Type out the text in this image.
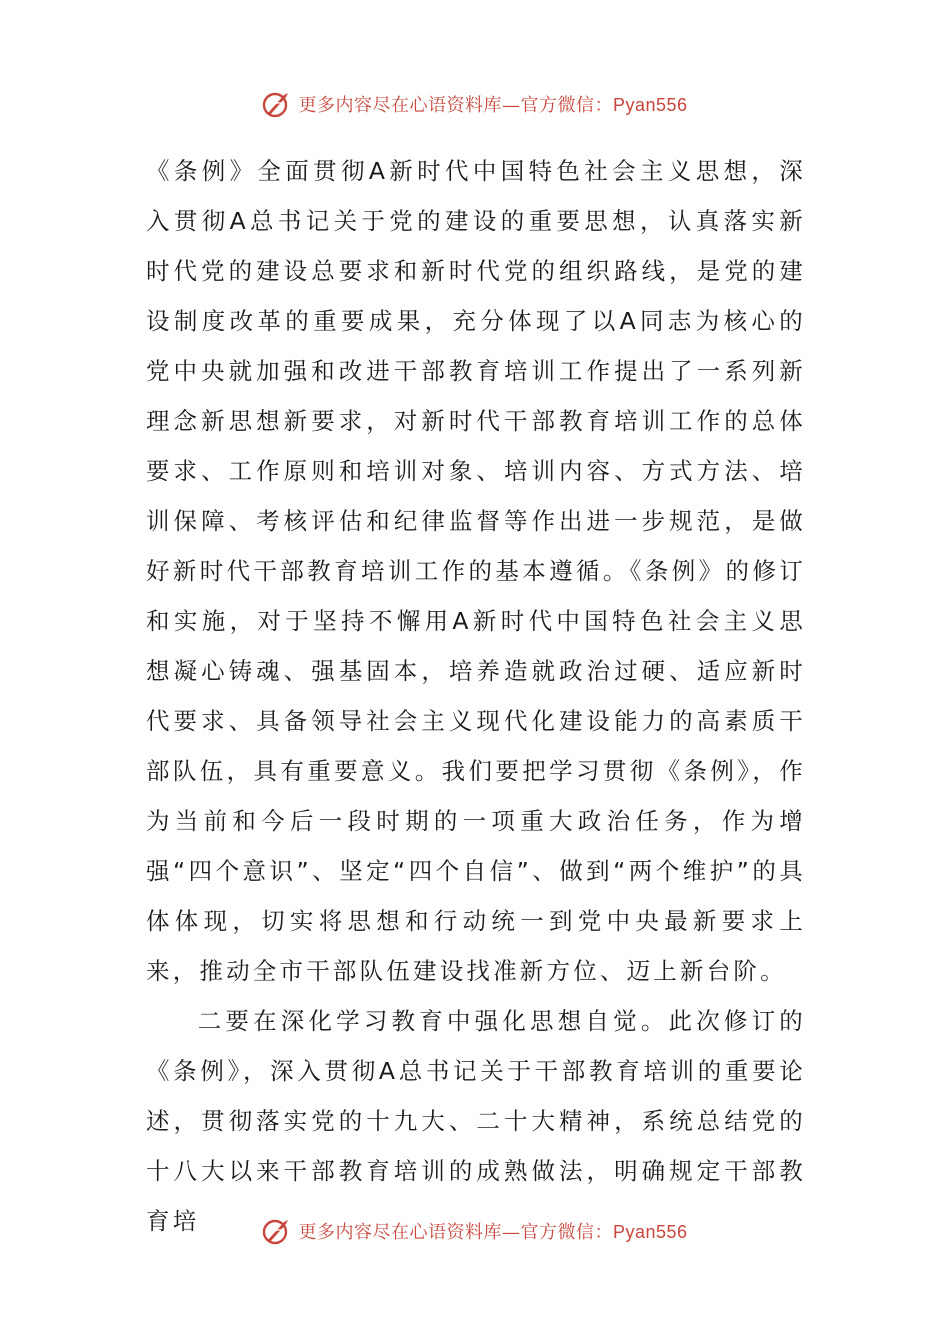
更多内容尽在心语资料库—官方微信：Pyan556

《条例》全面贯彻A新时代中国特色社会主义思想，深入贯彻A总书记关于党的建设的重要思想，认真落实新时代党的建设总要求和新时代党的组织路线，是党的建设制度改革的重要成果，充分体现了以A同志为核心的党中央就加强和改进干部教育培训工作提出了一系列新理念新思想新要求，对新时代干部教育培训工作的总体要求、工作原则和培训对象、培训内容、方式方法、培训保障、考核评估和纪律监督等作出进一步规范，是做好新时代干部教育培训工作的基本遵循。《条例》的修订和实施，对于坚持不懈用A新时代中国特色社会主义思想凝心铸魂、强基固本，培养造就政治过硬、适应新时代要求、具备领导社会主义现代化建设能力的高素质干部队伍，具有重要意义。我们要把学习贯彻《条例》，作为当前和今后一段时期的一项重大政治任务，作为增强“四个意识”、坚定“四个自信”、做到“两个维护”的具体体现，切实将思想和行动统一到党中央最新要求上来，推动全市干部队伍建设找准新方位、迈上新台阶。

二要在深化学习教育中强化思想自觉。此次修订的《条例》，深入贯彻A总书记关于干部教育培训的重要论述，贯彻落实党的十九大、二十大精神，系统总结党的十八大以来干部教育培训的成熟做法，明确规定干部教育培	更多内容尽在心语资料库—官方微信：Pyan556
